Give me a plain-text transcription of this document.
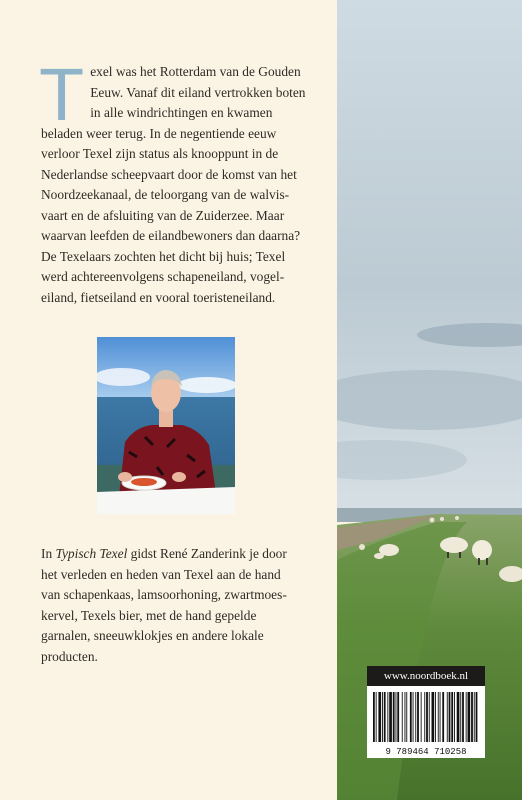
T exel was het Rotterdam van de Gouden
Eeuw. Vanaf dit eiland vertrokken boten
in alle windrichtingen en kwamen
beladen weer terug. In de negentiende eeuw
verloor Texel zijn status als knooppunt in de
Nederlandse scheepvaart door de komst van het
Noordzeekanaal, de teloorgang van de walvis-
vaart en de afsluiting van de Zuiderzee. Maar
waarvan leefden de eilandbewoners dan daarna?
De Texelaars zochten het dicht bij huis; Texel
werd achtereenvolgens schapeneiland, vogel-
eiland, fietseiland en vooral toeristeneiland.

In Typisch Texel gidst René Zanderink je door
het verleden en heden van Texel aan de hand
van schapenkaas, lamsoorhoning, zwartmoes-
kervel, Texels bier, met de hand gepelde
garnalen, sneeuwklokjes en andere lokale
producten.

www.noordboek.nl
9 789464 710258
